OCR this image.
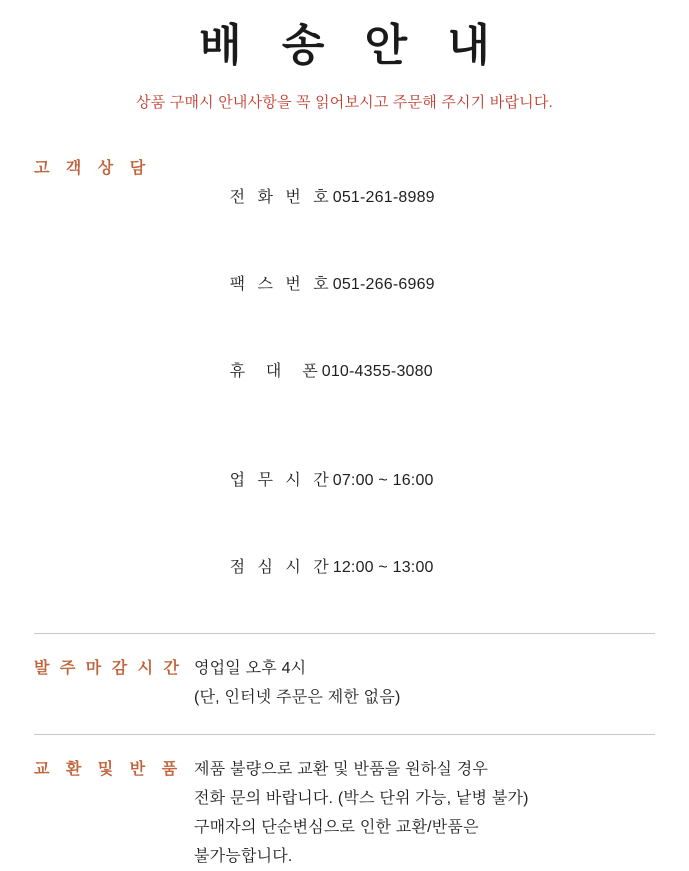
배 송 안 내
상품 구매시 안내사항을 꼭 읽어보시고 주문해 주시기 바랍니다.
고 객 상 담

전 화 번 호051-261-8989

팩 스 번 호051-266-6969

휴  대  폰010-4355-3080

업 무 시 간07:00 ~ 16:00

점 심 시 간12:00 ~ 13:00

발 주 마 감 시 간 영업일 오후 4시
(단, 인터넷 주문은 제한 없음)
교 환 및 반 품 제품 불량으로 교환 및 반품을 원하실 경우
전화 문의 바랍니다. (박스 단위 가능, 낱병 불가)
구매자의 단순변심으로 인한 교환/반품은
불가능합니다.
